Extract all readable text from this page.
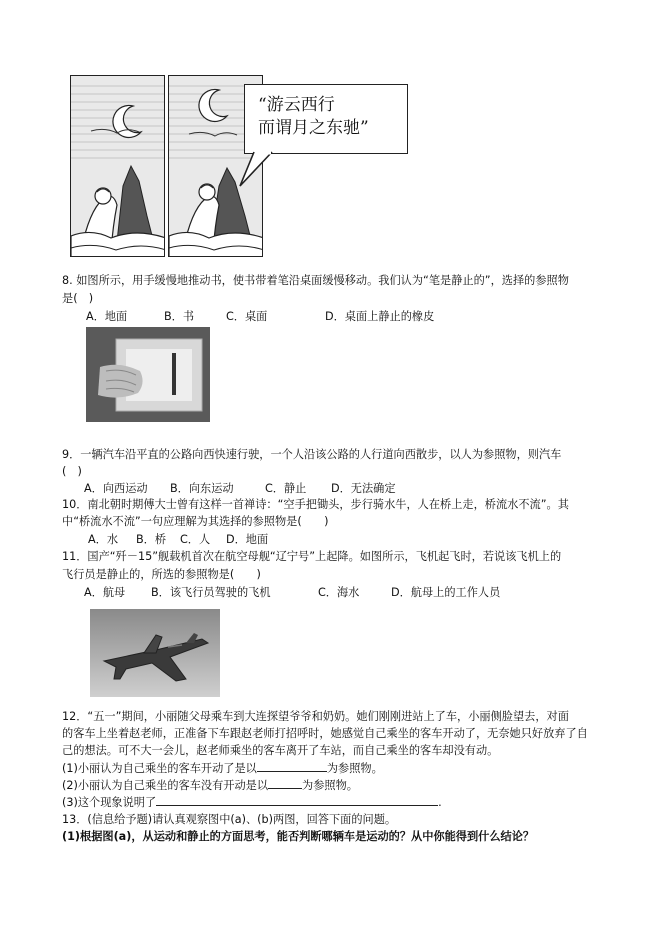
“游云西行
而谓月之东驰”
8. 如图所示，用手缓慢地推动书，使书带着笔沿桌面缓慢移动。我们认为“笔是静止的”，选择的参照物
是(　)
A．地面	B．书	C．桌面	D．桌面上静止的橡皮
9．一辆汽车沿平直的公路向西快速行驶，一个人沿该公路的人行道向西散步，以人为参照物，则汽车
(　)
A．向西运动 B．向东运动	C．静止 D．无法确定
10．南北朝时期傅大士曾有这样一首禅诗：“空手把锄头，步行骑水牛，人在桥上走，桥流水不流”。其
中“桥流水不流”一句应理解为其选择的参照物是(　　)
A．水 B．桥 C．人 D．地面
11．国产“歼－15”舰载机首次在航空母舰“辽宁号”上起降。如图所示，飞机起飞时，若说该飞机上的
飞行员是静止的，所选的参照物是(　　)
A．航母 B．该飞行员驾驶的飞机	C．海水	D．航母上的工作人员
12．“五一”期间，小丽随父母乘车到大连探望爷爷和奶奶。她们刚刚进站上了车，小丽侧脸望去，对面
的客车上坐着赵老师，正准备下车跟赵老师打招呼时，她感觉自己乘坐的客车开动了，无奈她只好放弃了自
己的想法。可不大一会儿，赵老师乘坐的客车离开了车站，而自己乘坐的客车却没有动。
(1)小丽认为自己乘坐的客车开动了是以	为参照物。
(2)小丽认为自己乘坐的客车没有开动是以	为参照物。
(3)这个现象说明了	.
13．(信息给予题)请认真观察图中(a)、(b)两图，回答下面的问题。
(1)根据图(a)，从运动和静止的方面思考，能否判断哪辆车是运动的？从中你能得到什么结论？
